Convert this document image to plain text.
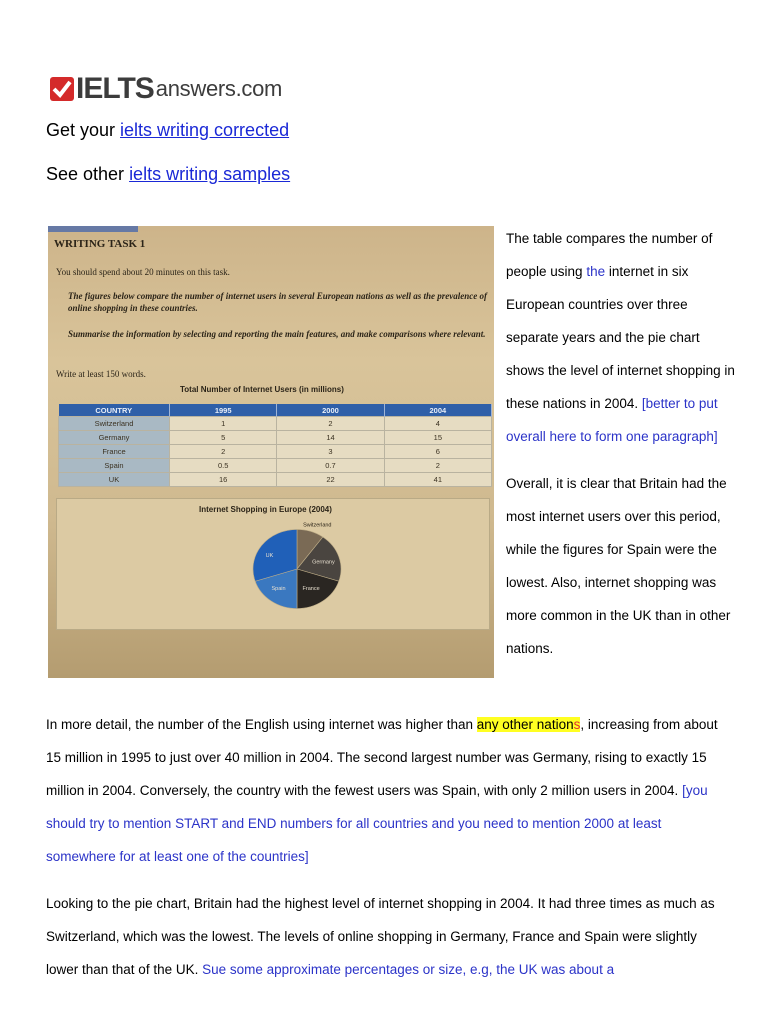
IELTS answers.com
Get your ielts writing corrected
See other ielts writing samples
WRITING TASK 1
You should spend about 20 minutes on this task.
The figures below compare the number of internet users in several European nations as well as the prevalence of online shopping in these countries.
Summarise the information by selecting and reporting the main features, and make comparisons where relevant.
Write at least 150 words.
Total Number of Internet Users (in millions)
COUNTRY	1995	2000	2004
Switzerland	1	2	4
Germany	5	14	15
France	2	3	6
Spain	0.5	0.7	2
UK	16	22	41
Internet Shopping in Europe (2004)
Switzerland
Germany
France
Spain
UK

The table compares the number of people using the internet in six European countries over three separate years and the pie chart shows the level of internet shopping in these nations in 2004. [better to put overall here to form one paragraph]

Overall, it is clear that Britain had the most internet users over this period, while the figures for Spain were the lowest. Also, internet shopping was more common in the UK than in other nations.

In more detail, the number of the English using internet was higher than any other nations, increasing from about 15 million in 1995 to just over 40 million in 2004. The second largest number was Germany, rising to exactly 15 million in 2004. Conversely, the country with the fewest users was Spain, with only 2 million users in 2004. [you should try to mention START and END numbers for all countries and you need to mention 2000 at least somewhere for at least one of the countries]

Looking to the pie chart, Britain had the highest level of internet shopping in 2004. It had three times as much as Switzerland, which was the lowest. The levels of online shopping in Germany, France and Spain were slightly lower than that of the UK. Sue some approximate percentages or size, e.g, the UK was about a
